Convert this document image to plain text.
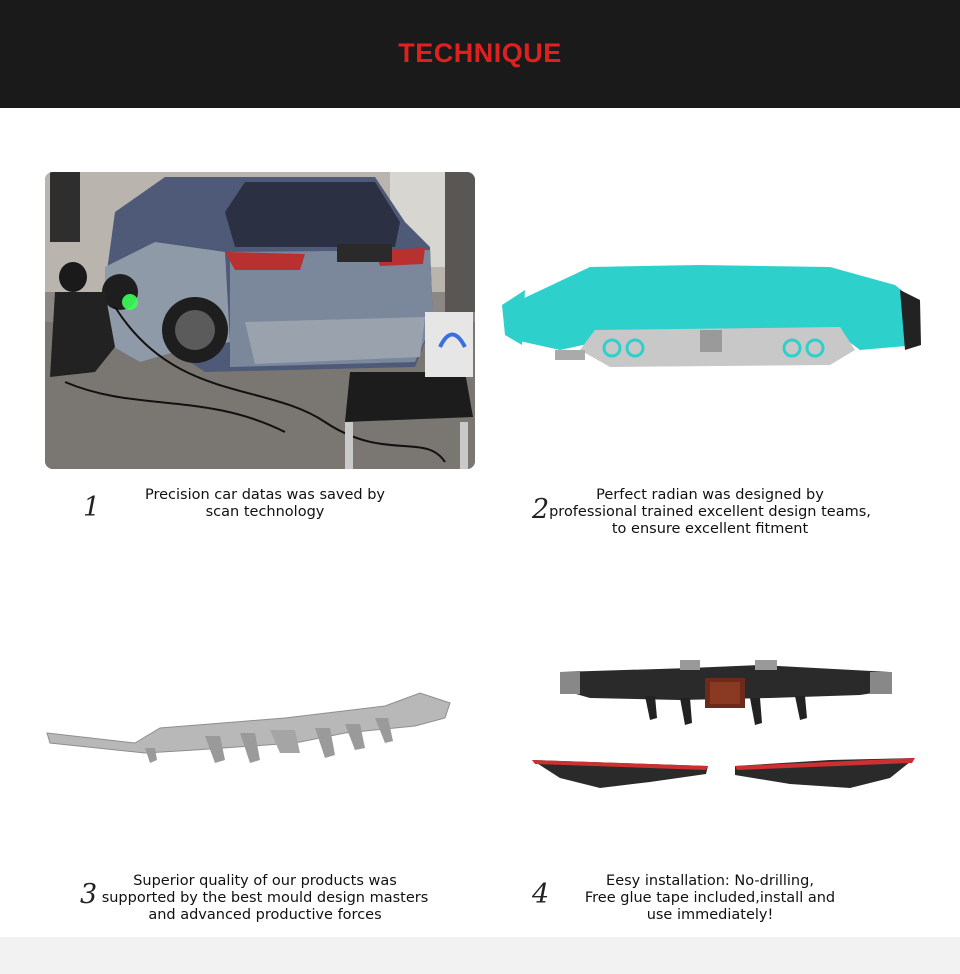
TECHNIQUE
1	Precision car datas was saved by
scan technology	2	Perfect radian was designed by
professional trained excellent design teams,
to ensure excellent fitment
3	Superior quality of our products was
supported by the best mould design masters
and advanced productive forces
4	Eesy installation: No-drilling,
Free glue tape included,install and
use immediately!
